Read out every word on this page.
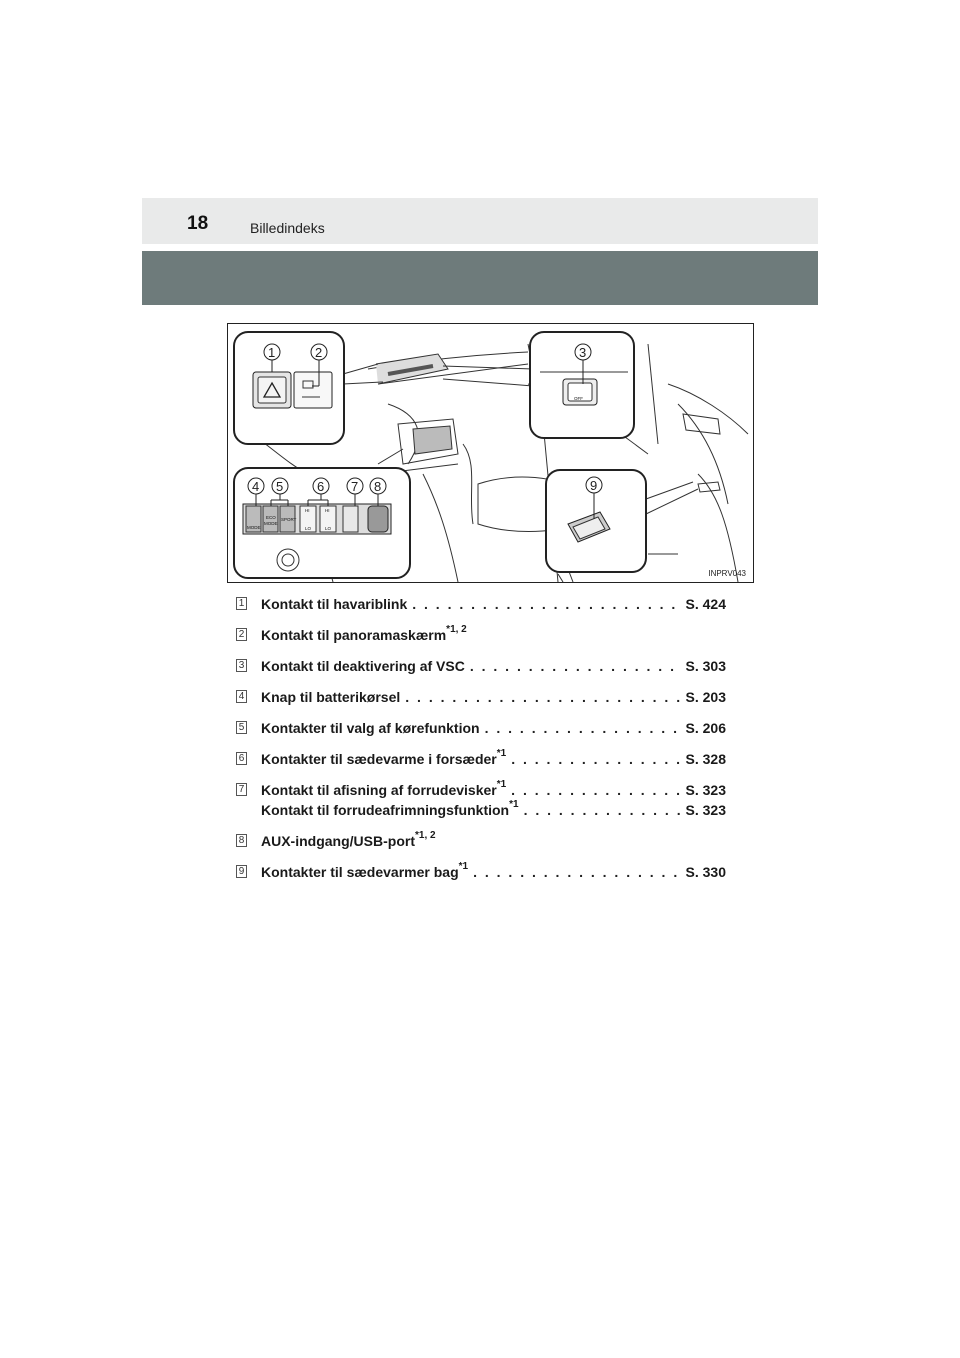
18	Billedindeks
1	2	3
4 5	6 7 8	9
OFF
MODE
ECO
MODE
SPORT
HI
LO
HI
LO
INPRV043
1 Kontakt til havariblink . . .	S. 424
2 Kontakt til panoramaskærm$^{*1, 2}$
3 Kontakt til deaktivering af VSC . . .	S. 303
4 Knap til batterikørsel . . .	S. 203
5 Kontakter til valg af kørefunktion . . .	S. 206
6 Kontakter til sædevarme i forsæder$^{*1}$ . . .	S. 328
7 Kontakt til afisning af forrudevisker$^{*1}$ . . .	S. 323
Kontakt til forrudeafrimningsfunktion$^{*1}$ . . .	S. 323
8 AUX-indgang/USB-port$^{*1, 2}$
9 Kontakter til sædevarmer bag$^{*1}$ . . .	S. 330
